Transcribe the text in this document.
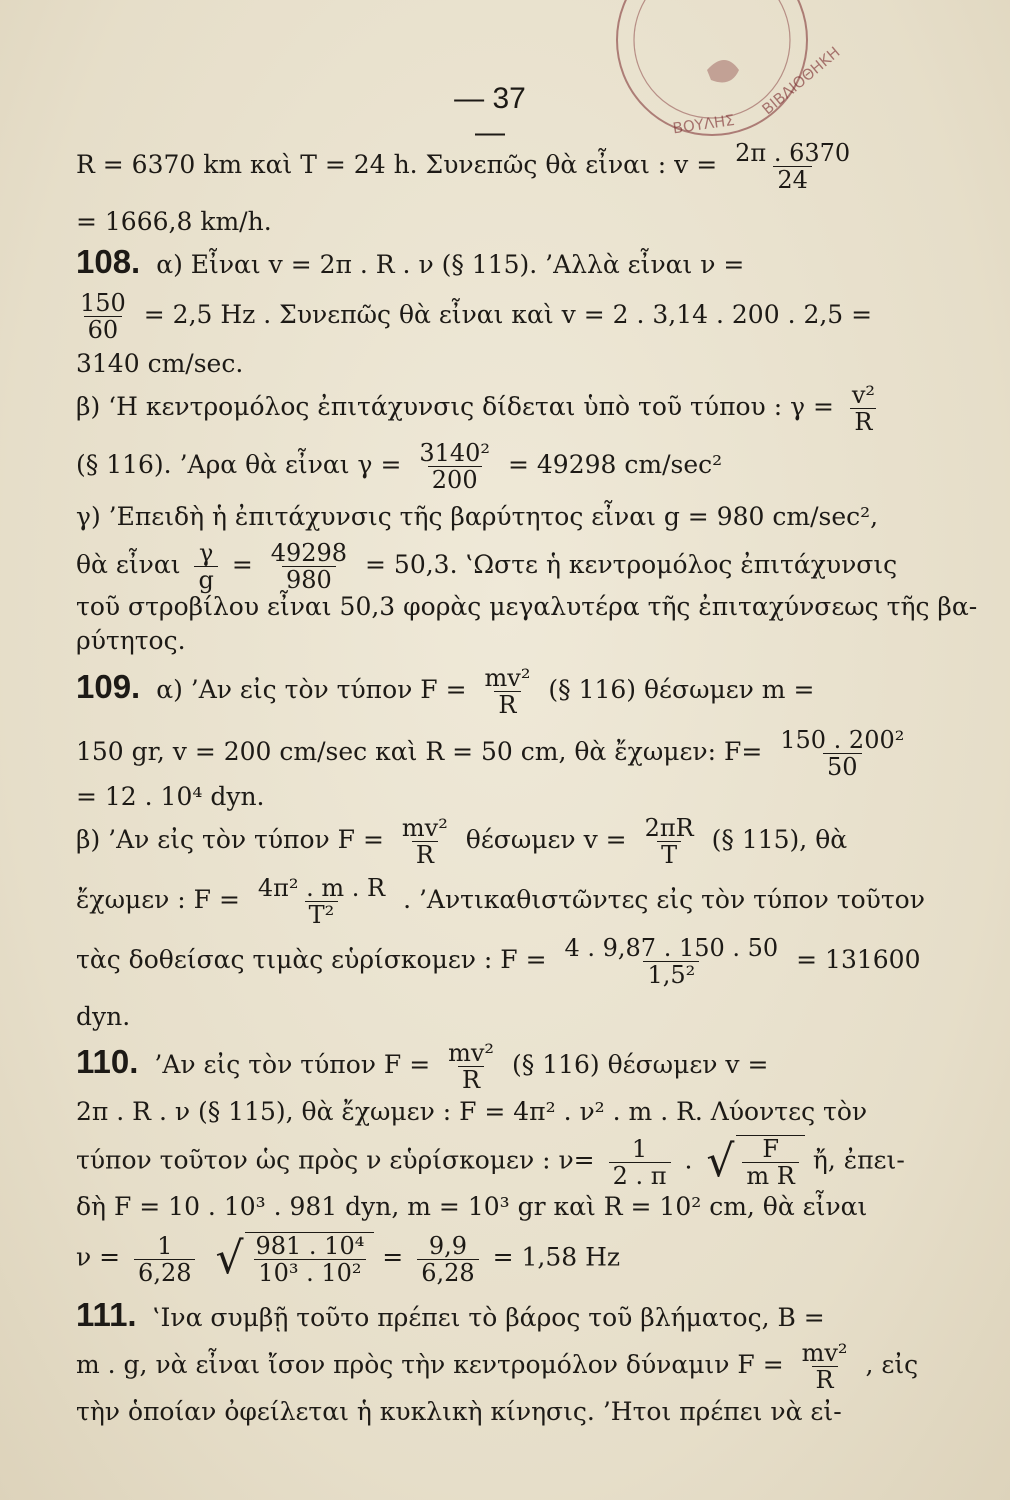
ΒΟΥΛΗΣ
ΒΙΒΛΙΟΘΗΚΗ
— 37 —
R = 6370 km καὶ T = 24 h. Συνεπῶς θὰ εἶναι : $v = \frac{2\pi . 6370}{24}$
= 1666,8 km/h.
108. α) Εἶναι v = 2π . R . ν (§ 115). ’Αλλὰ εἶναι ν =
$\frac{150}{60} = 2,5$ Hz . Συνεπῶς θὰ εἶναι καὶ v = 2 . 3,14 . 200 . 2,5 =
3140 cm/sec.
β) ‘Η κεντρομόλος ἐπιτάχυνσις δίδεται ὑπὸ τοῦ τύπου : $\gamma = \frac{\text{v²}}{R}$
(§ 116). ’Αρα θὰ εἶναι $\gamma = \frac{\text{3140²}}{200} = 49298$ cm/sec²
γ) ’Επειδὴ ἡ ἐπιτάχυνσις τῆς βαρύτητος εἶναι g = 980 cm/sec²,
θὰ εἶναι $\frac{\gamma}{g} = \frac{49298}{980} = 50,3$. ‛Ωστε ἡ κεντρομόλος ἐπιτάχυνσις
τοῦ στροβίλου εἶναι 50,3 φορὰς μεγαλυτέρα τῆς ἐπιταχύνσεως τῆς βα-
ρύτητος.
109. α) ’Αν εἰς τὸν τύπον $F = \frac{\text{mv²}}{R}$ (§ 116) θέσωμεν m =
150 gr, v = 200 cm/sec καὶ R = 50 cm, θὰ ἔχωμεν: $F= \frac{\text{150 . 200²}}{50}$
= 12 . 10⁴ dyn.
β) ’Αν εἰς τὸν τύπον $F = \frac{\text{mv²}}{R}$ θέσωμεν $v = \frac{2\pi R}{T}$ (§ 115), θὰ
ἔχωμεν : $F = \frac{\text{4π² . m . R}}{\text{T²}}$ . ’Αντικαθιστῶντες εἰς τὸν τύπον τοῦτον
τὰς δοθείσας τιμὰς εὑρίσκομεν : $F = \frac{4 . 9,87 . 150 . 50}{\text{1,5²}} = 131600$
dyn.
110. ’Αν εἰς τὸν τύπον $F = \frac{\text{mv²}}{R}$ (§ 116) θέσωμεν v =
2π . R . ν (§ 115), θὰ ἔχωμεν : F = 4π² . ν² . m . R. Λύοντες τὸν
τύπον τοῦτον ὡς πρὸς ν εὑρίσκομεν : $\nu= \frac{1}{2 . \pi}$ . √ $\frac{F}{\text{m R}}$ ἤ, ἐπει-
δὴ F = 10 . 10³ . 981 dyn, m = 10³ gr καὶ R = 10² cm, θὰ εἶναι
$\nu = \frac{1}{6,28}$
√ $\frac{\text{981 . 10⁴}}{\text{10³ . 10²}} = \frac{9,9}{6,28} = 1,58$ Hz
111. ‛Ινα συμβῇ τοῦτο πρέπει τὸ βάρος τοῦ βλήματος, B =
m . g, νὰ εἶναι ἴσον πρὸς τὴν κεντρομόλον δύναμιν $F = \frac{\text{mv²}}{R}$ , εἰς
τὴν ὁποίαν ὀφείλεται ἡ κυκλικὴ κίνησις. ’Ητοι πρέπει νὰ εἰ-
